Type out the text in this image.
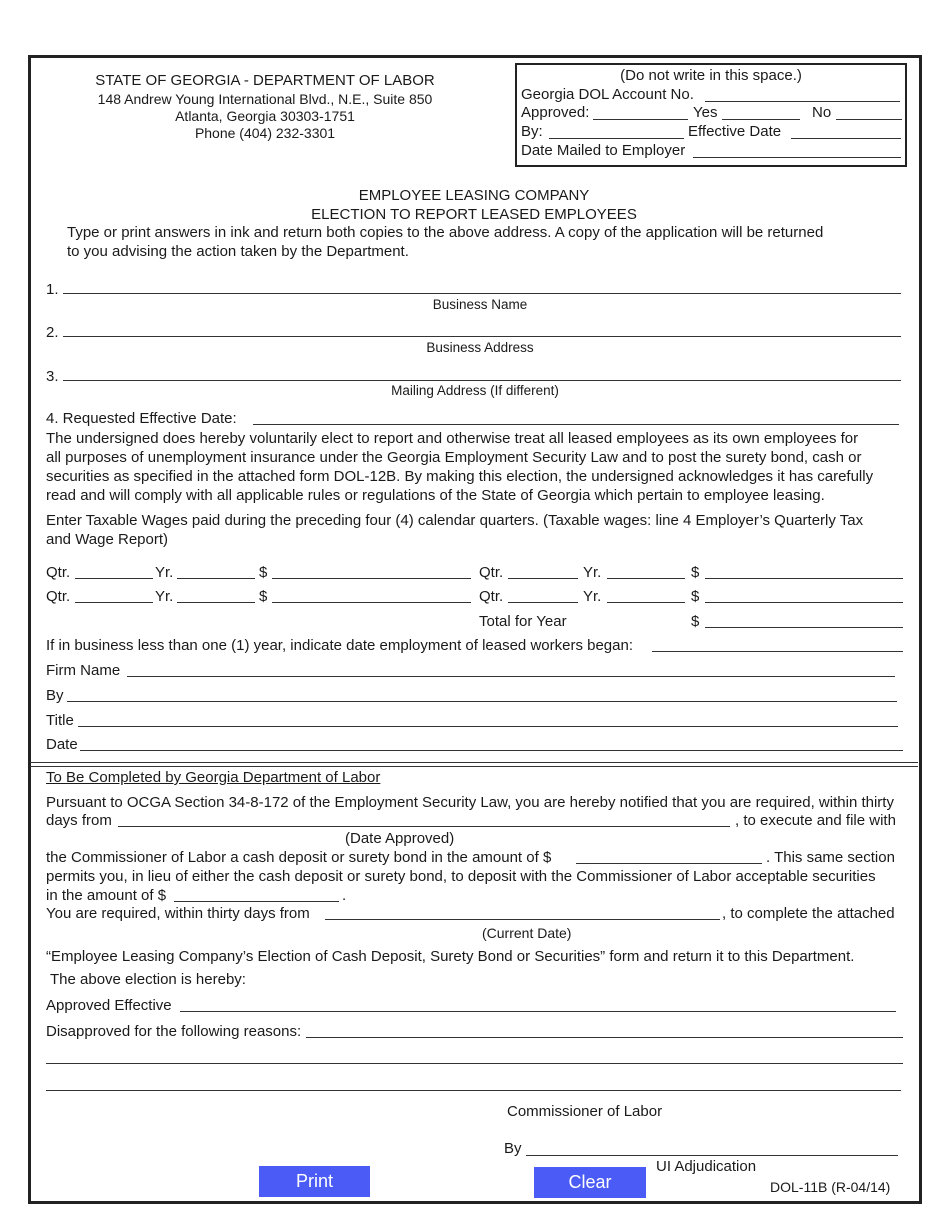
STATE OF GEORGIA - DEPARTMENT OF LABOR
148 Andrew Young International Blvd., N.E., Suite 850
Atlanta, Georgia 30303-1751
Phone (404) 232-3301
(Do not write in this space.)
Georgia DOL Account No.
Approved:	Yes	No
By:	Effective Date
Date Mailed to Employer
EMPLOYEE LEASING COMPANY
ELECTION TO REPORT LEASED EMPLOYEES
Type or print answers in ink and return both copies to the above address. A copy of the application will be returned
to you advising the action taken by the Department.
1.
Business Name
2.
Business Address
3.
Mailing Address (If different)
4. Requested Effective Date:
The undersigned does hereby voluntarily elect to report and otherwise treat all leased employees as its own employees for
all purposes of unemployment insurance under the Georgia Employment Security Law and to post the surety bond, cash or
securities as specified in the attached form DOL-12B. By making this election, the undersigned acknowledges it has carefully
read and will comply with all applicable rules or regulations of the State of Georgia which pertain to employee leasing.
Enter Taxable Wages paid during the preceding four (4) calendar quarters. (Taxable wages: line 4 Employer’s Quarterly Tax
and Wage Report)
Qtr.	Yr.	$	Qtr.	Yr.	$
Qtr.	Yr.	$	Qtr.	Yr.	$
Total for Year	$
If in business less than one (1) year, indicate date employment of leased workers began:
Firm Name
By
Title
Date
To Be Completed by Georgia Department of Labor
Pursuant to OCGA Section 34-8-172 of the Employment Security Law, you are hereby notified that you are required, within thirty
days from	, to execute and file with
(Date Approved)
the Commissioner of Labor a cash deposit or surety bond in the amount of $	. This same section
permits you, in lieu of either the cash deposit or surety bond, to deposit with the Commissioner of Labor acceptable securities
in the amount of $	.
You are required, within thirty days from	, to complete the attached
(Current Date)
“Employee Leasing Company’s Election of Cash Deposit, Surety Bond or Securities” form and return it to this Department.
The above election is hereby:
Approved Effective
Disapproved for the following reasons:
Commissioner of Labor
By
UI Adjudication
DOL-11B (R-04/14)
Print	Clear
